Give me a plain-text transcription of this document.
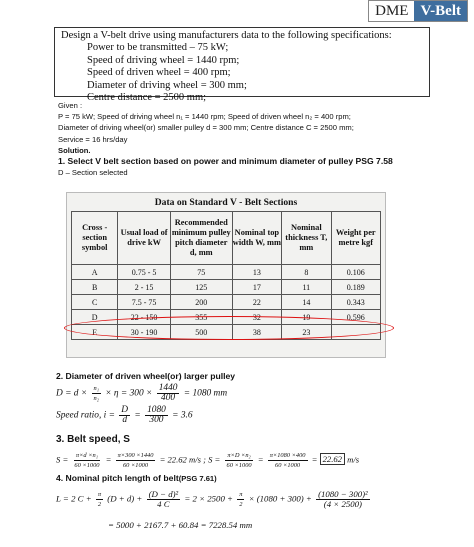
DME V-Belt
Design a V-belt drive using manufacturers data to the following specifications:
Power to be transmitted – 75 kW;
Speed of driving wheel = 1440 rpm;
Speed of driven wheel = 400 rpm;
Diameter of driving wheel = 300 mm;
Centre distance = 2500 mm;
Given :
P = 75 kW; Speed of driving wheel n₁ = 1440 rpm; Speed of driven wheel n₂ = 400 rpm;
Diameter of driving wheel(or) smaller pulley d = 300 mm; Centre distance C = 2500 mm;
Service = 16 hrs/day
Solution.
1. Select V belt section based on power and minimum diameter of pulley PSG 7.58
D – Section selected
Data on Standard V - Belt Sections
Cross - section symbol	Usual load of drive kW	Recommended minimum pulley pitch diameter d, mm	Nominal top width W, mm	Nominal thickness T, mm	Weight per metre kgf
A	0.75 - 5	75	13	8	0.106
B	2 - 15	125	17	11	0.189
C	7.5 - 75	200	22	14	0.343
D	22 - 150	355	32	19	0.596
E	30 - 190	500	38	23	
2. Diameter of driven wheel(or) larger pulley
$D = d \times \frac{\text{n₁}}{\text{n₂}} \times \eta = 300 \times \frac{1440}{400} = 1080$ mm
Speed ratio, $i = \frac{D}{d} = \frac{1080}{300} = 3.6$
3. Belt speed, S
$S = \frac{\text{π×d ×n₁}}{60 \times 1000} = \frac{\pi\times 300 \times 1440}{60 \times 1000} = 22.62$ m/s ; $S = \frac{\text{π×D ×n₂}}{60 \times 1000} = \frac{\pi\times 1080 \times 400}{60 \times 1000} = 22.62$ m/s
4. Nominal pitch length of belt(PSG 7.61)
L = 2 $C + \frac{\pi}{2} (D + d) + \frac{\text{(D − d)²}}{4 C} = 2 \times 2500 + \frac{\pi}{2} \times (1080 + 300) + \frac{\text{(1080 − 300)²}}{(4 \times 2500)}$
= 5000 + 2167.7 + 60.84 = 7228.54 mm
